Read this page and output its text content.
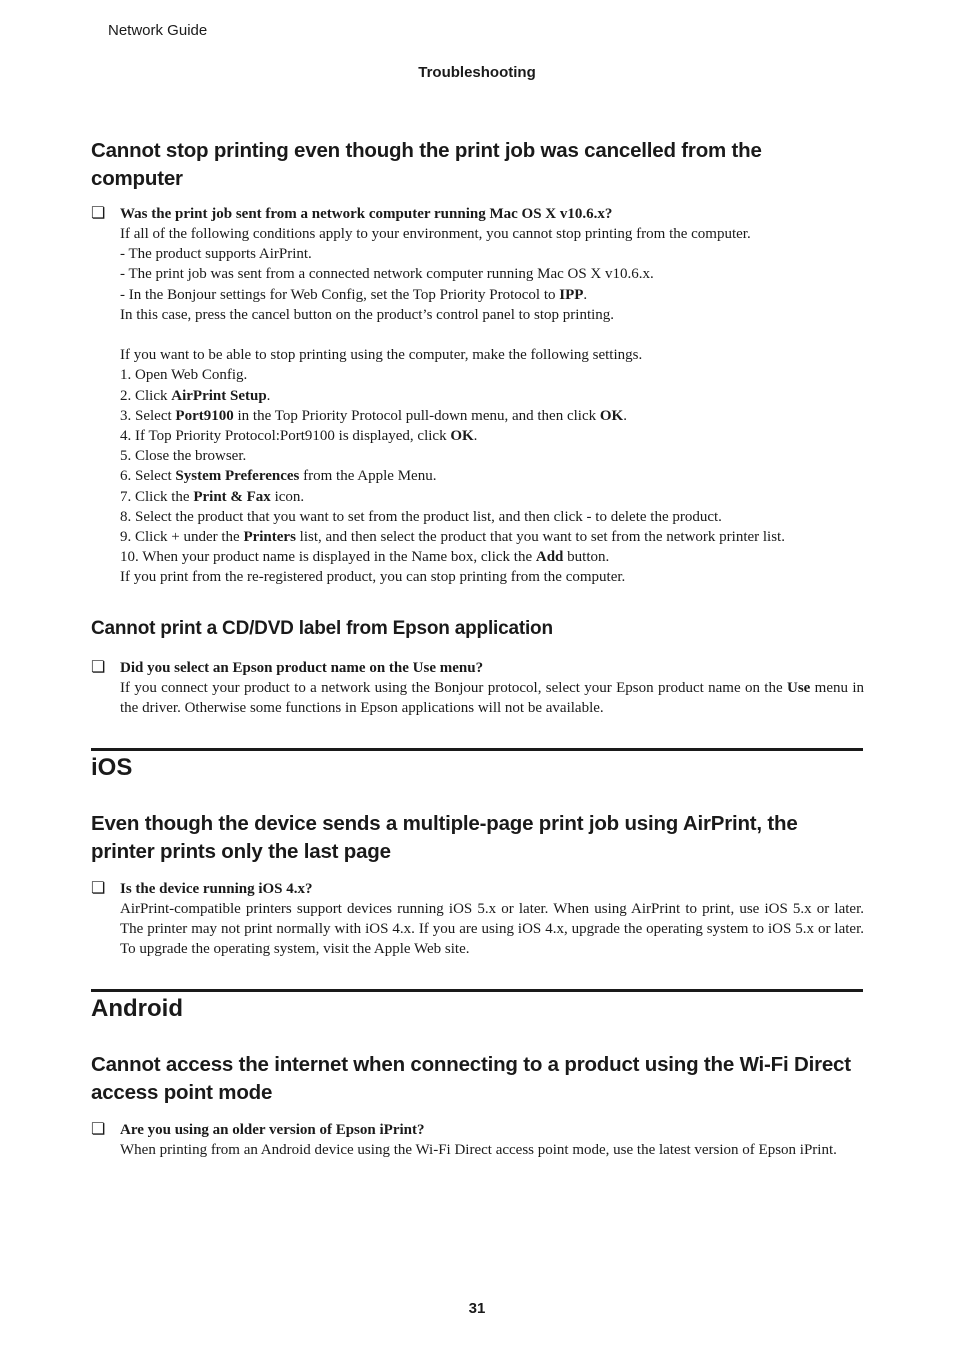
Network Guide
Troubleshooting
Cannot stop printing even though the print job was cancelled from the
computer
❏ Was the print job sent from a network computer running Mac OS X v10.6.x?

If all of the following conditions apply to your environment, you cannot stop printing from the computer.

- The product supports AirPrint.

- The print job was sent from a connected network computer running Mac OS X v10.6.x.

- In the Bonjour settings for Web Config, set the Top Priority Protocol to IPP.

In this case, press the cancel button on the product’s control panel to stop printing.

If you want to be able to stop printing using the computer, make the following settings.

1. Open Web Config.

2. Click AirPrint Setup.

3. Select Port9100 in the Top Priority Protocol pull-down menu, and then click OK.

4. If Top Priority Protocol:Port9100 is displayed, click OK.

5. Close the browser.

6. Select System Preferences from the Apple Menu.

7. Click the Print & Fax icon.

8. Select the product that you want to set from the product list, and then click - to delete the product.

9. Click + under the Printers list, and then select the product that you want to set from the network printer list.

10. When your product name is displayed in the Name box, click the Add button.

If you print from the re-registered product, you can stop printing from the computer.

Cannot print a CD/DVD label from Epson application
❏ Did you select an Epson product name on the Use menu?

If you connect your product to a network using the Bonjour protocol, select your Epson product name on the Use menu in the driver. Otherwise some functions in Epson applications will not be available.

iOS
Even though the device sends a multiple-page print job using AirPrint, the
printer prints only the last page
❏ Is the device running iOS 4.x?

AirPrint-compatible printers support devices running iOS 5.x or later. When using AirPrint to print, use iOS 5.x or later. The printer may not print normally with iOS 4.x. If you are using iOS 4.x, upgrade the operating system to iOS 5.x or later. To upgrade the operating system, visit the Apple Web site.

Android
Cannot access the internet when connecting to a product using the Wi-Fi Direct
access point mode
❏ Are you using an older version of Epson iPrint?

When printing from an Android device using the Wi-Fi Direct access point mode, use the latest version of Epson iPrint.

31
